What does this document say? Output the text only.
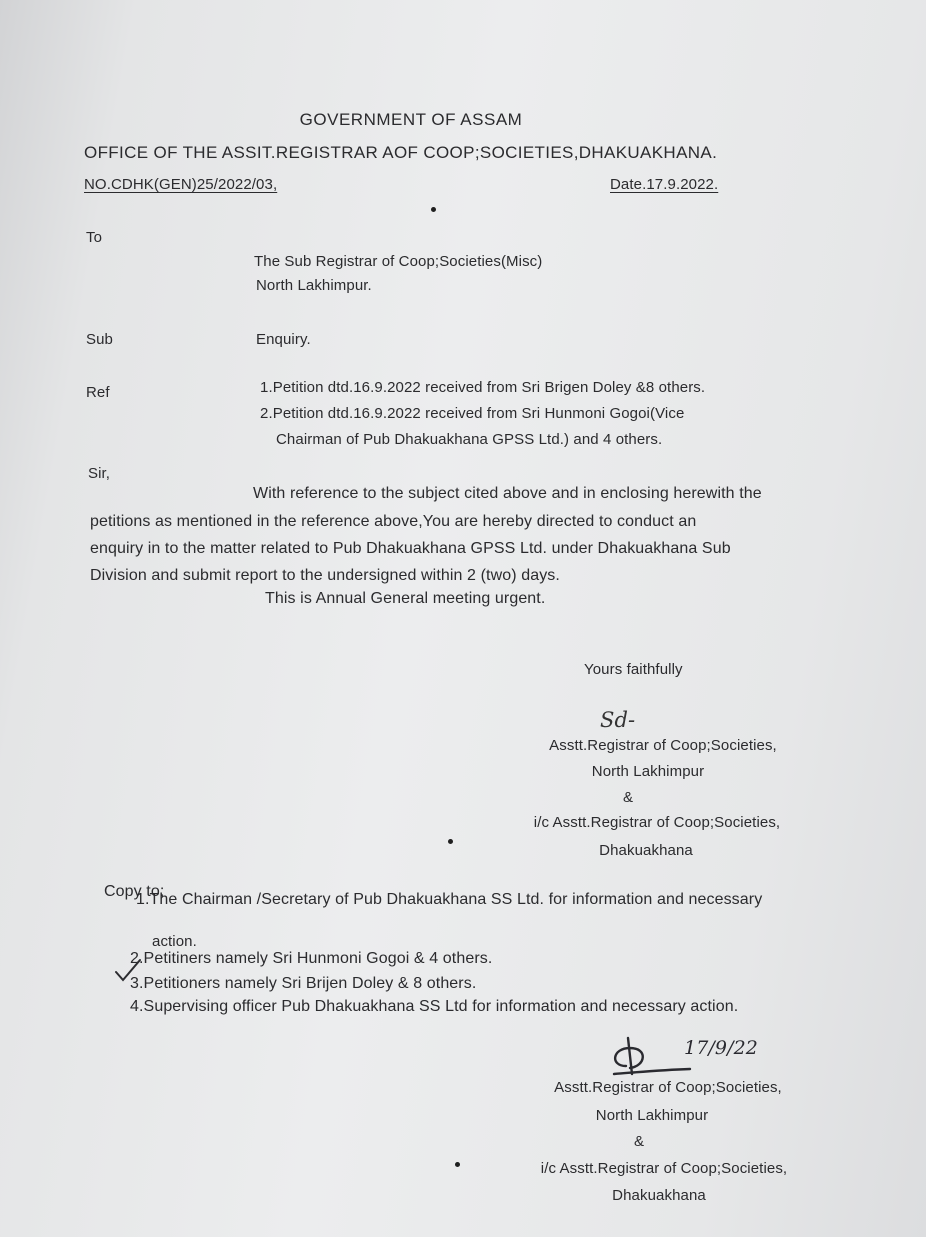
GOVERNMENT OF ASSAM

OFFICE OF THE ASSIT.REGISTRAR AOF COOP;SOCIETIES,DHAKUAKHANA.

NO.CDHK(GEN)25/2022/03,	Date.17.9.2022.

To

The Sub Registrar of Coop;Societies(Misc)

North Lakhimpur.

Sub	Enquiry.

Ref	1.Petition dtd.16.9.2022 received from Sri Brigen Doley &8 others.

2.Petition dtd.16.9.2022 received from Sri Hunmoni Gogoi(Vice

Chairman of Pub Dhakuakhana GPSS Ltd.) and 4 others.

Sir,

With reference to the subject cited above and in enclosing herewith the

petitions as mentioned in the reference above,You are hereby directed to conduct an

enquiry in to the matter related to Pub Dhakuakhana GPSS Ltd. under Dhakuakhana Sub

Division and submit report to the undersigned within 2 (two) days.

This is Annual General meeting urgent.

Yours faithfully

Sd-

Asstt.Registrar of Coop;Societies,

North Lakhimpur

&

i/c Asstt.Registrar of Coop;Societies,

Dhakuakhana

Copy to;

1.The Chairman /Secretary of Pub Dhakuakhana SS Ltd. for information and necessary

action.

2.Petitiners namely Sri Hunmoni Gogoi & 4 others.

3.Petitioners namely Sri Brijen Doley & 8 others.

4.Supervising officer Pub Dhakuakhana SS Ltd for information and necessary action.

17/9/22

Asstt.Registrar of Coop;Societies,

North Lakhimpur

&

i/c Asstt.Registrar of Coop;Societies,

Dhakuakhana
